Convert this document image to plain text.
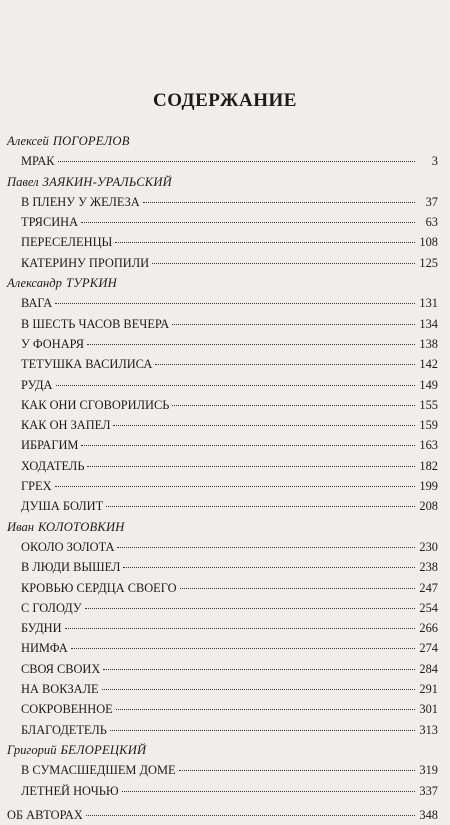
СОДЕРЖАНИЕ
Алексей ПОГОРЕЛОВ
МРАК	3
Павел ЗАЯКИН-УРАЛЬСКИЙ
В ПЛЕНУ У ЖЕЛЕЗА	37
ТРЯСИНА	63
ПЕРЕСЕЛЕНЦЫ	108
КАТЕРИНУ ПРОПИЛИ	125
Александр ТУРКИН
ВАГА	131
В ШЕСТЬ ЧАСОВ ВЕЧЕРА	134
У ФОНАРЯ	138
ТЕТУШКА ВАСИЛИСА	142
РУДА	149
КАК ОНИ СГОВОРИЛИСЬ	155
КАК ОН ЗАПЕЛ	159
ИБРАГИМ	163
ХОДАТЕЛЬ	182
ГРЕХ	199
ДУША БОЛИТ	208
Иван КОЛОТОВКИН
ОКОЛО ЗОЛОТА	230
В ЛЮДИ ВЫШЕЛ	238
КРОВЬЮ СЕРДЦА СВОЕГО	247
С ГОЛОДУ	254
БУДНИ	266
НИМФА	274
СВОЯ СВОИХ	284
НА ВОКЗАЛЕ	291
СОКРОВЕННОЕ	301
БЛАГОДЕТЕЛЬ	313
Григорий БЕЛОРЕЦКИЙ
В СУМАСШЕДШЕМ ДОМЕ	319
ЛЕТНЕЙ НОЧЬЮ	337
ОБ АВТОРАХ	348
